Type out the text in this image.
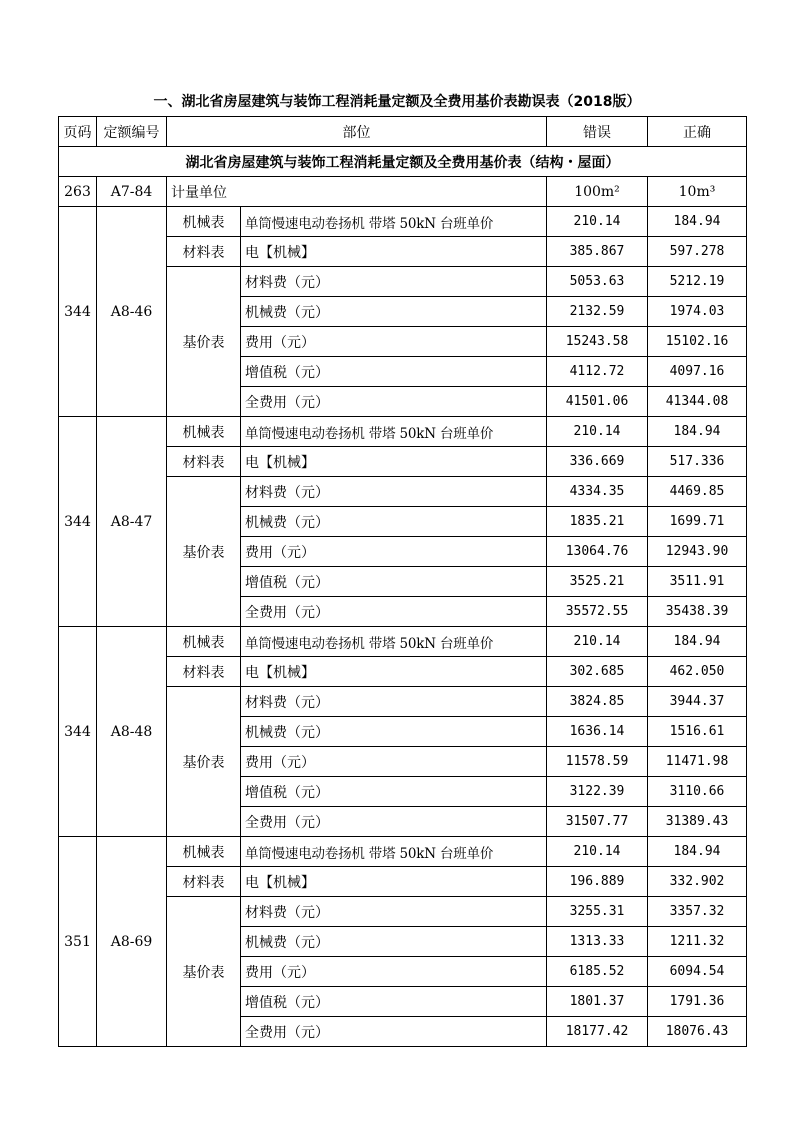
一、湖北省房屋建筑与装饰工程消耗量定额及全费用基价表勘误表（2018版）
页码	定额编号	部位		错误	正确
湖北省房屋建筑与装饰工程消耗量定额及全费用基价表（结构・屋面）					
263	A7-84	计量单位		100m²	10m³
344	A8-46	机械表	单筒慢速电动卷扬机 带塔 50kN 台班单价	210.14	184.94
		材料表	电【机械】	385.867	597.278
		基价表	材料费（元）	5053.63	5212.19
			机械费（元）	2132.59	1974.03
			费用（元）	15243.58	15102.16
			增值税（元）	4112.72	4097.16
			全费用（元）	41501.06	41344.08
344	A8-47	机械表	单筒慢速电动卷扬机 带塔 50kN 台班单价	210.14	184.94
		材料表	电【机械】	336.669	517.336
		基价表	材料费（元）	4334.35	4469.85
			机械费（元）	1835.21	1699.71
			费用（元）	13064.76	12943.90
			增值税（元）	3525.21	3511.91
			全费用（元）	35572.55	35438.39
344	A8-48	机械表	单筒慢速电动卷扬机 带塔 50kN 台班单价	210.14	184.94
		材料表	电【机械】	302.685	462.050
		基价表	材料费（元）	3824.85	3944.37
			机械费（元）	1636.14	1516.61
			费用（元）	11578.59	11471.98
			增值税（元）	3122.39	3110.66
			全费用（元）	31507.77	31389.43
351	A8-69	机械表	单筒慢速电动卷扬机 带塔 50kN 台班单价	210.14	184.94
		材料表	电【机械】	196.889	332.902
		基价表	材料费（元）	3255.31	3357.32
			机械费（元）	1313.33	1211.32
			费用（元）	6185.52	6094.54
			增值税（元）	1801.37	1791.36
			全费用（元）	18177.42	18076.43
